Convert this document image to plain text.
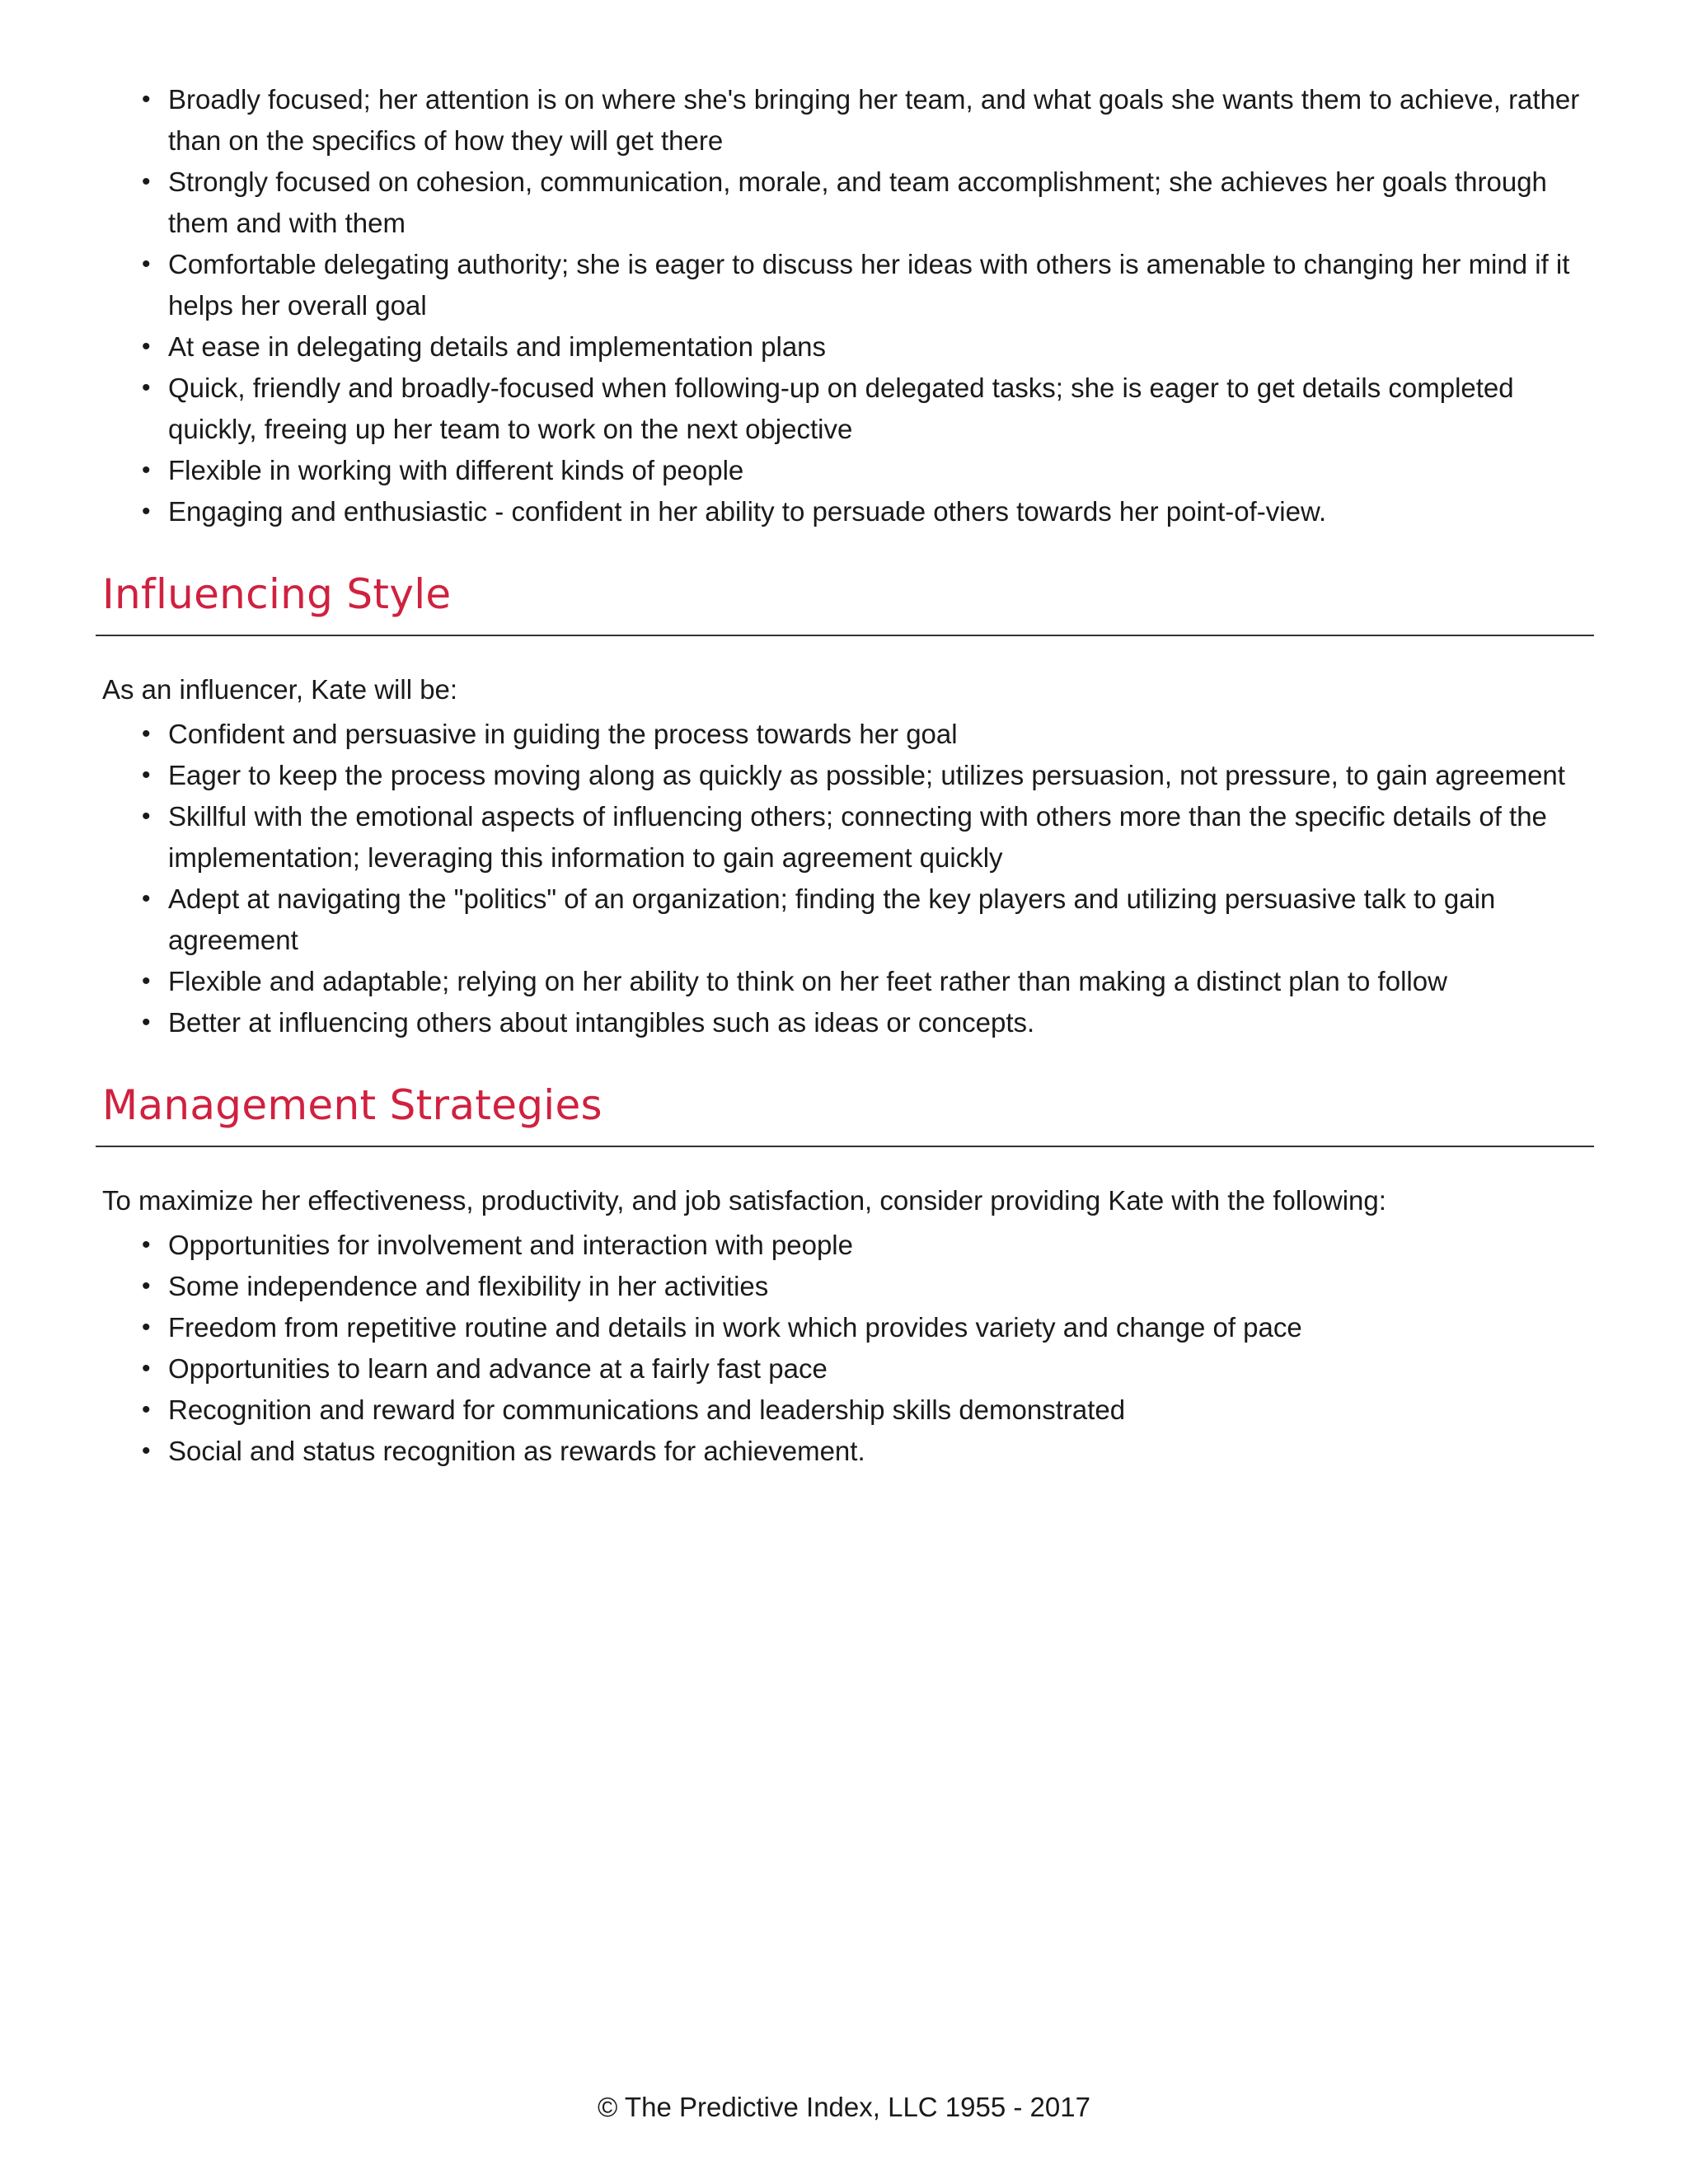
• Broadly focused; her attention is on where she's bringing her team, and what goals she wants them to achieve, rather than on the specifics of how they will get there
• Strongly focused on cohesion, communication, morale, and team accomplishment; she achieves her goals through them and with them
• Comfortable delegating authority; she is eager to discuss her ideas with others is amenable to changing her mind if it helps her overall goal
• At ease in delegating details and implementation plans
• Quick, friendly and broadly-focused when following-up on delegated tasks; she is eager to get details completed quickly, freeing up her team to work on the next objective
• Flexible in working with different kinds of people
• Engaging and enthusiastic - confident in her ability to persuade others towards her point-of-view.
Influencing Style

As an influencer, Kate will be:

• Confident and persuasive in guiding the process towards her goal
• Eager to keep the process moving along as quickly as possible; utilizes persuasion, not pressure, to gain agreement
• Skillful with the emotional aspects of influencing others; connecting with others more than the specific details of the implementation; leveraging this information to gain agreement quickly
• Adept at navigating the "politics" of an organization; finding the key players and utilizing persuasive talk to gain agreement
• Flexible and adaptable; relying on her ability to think on her feet rather than making a distinct plan to follow
• Better at influencing others about intangibles such as ideas or concepts.
Management Strategies

To maximize her effectiveness, productivity, and job satisfaction, consider providing Kate with the following:

• Opportunities for involvement and interaction with people
• Some independence and flexibility in her activities
• Freedom from repetitive routine and details in work which provides variety and change of pace
• Opportunities to learn and advance at a fairly fast pace
• Recognition and reward for communications and leadership skills demonstrated
• Social and status recognition as rewards for achievement.
© The Predictive Index, LLC 1955 - 2017
